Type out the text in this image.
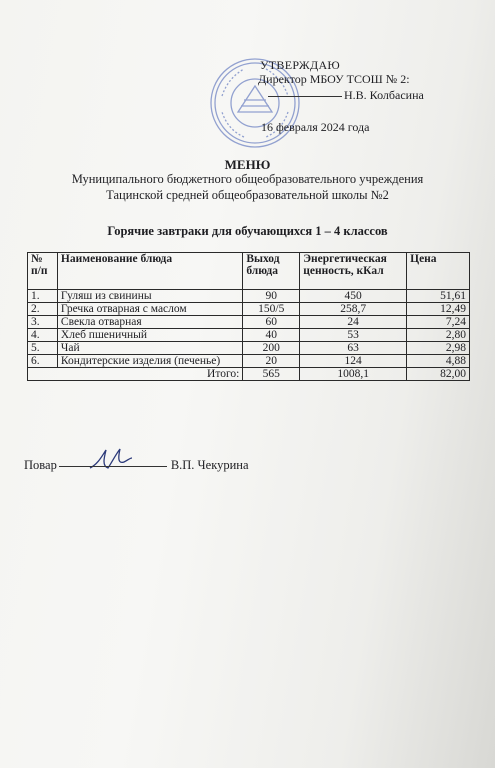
УТВЕРЖДАЮ
Директор МБОУ ТСОШ № 2:
Н.В. Колбасина
16 февраля 2024 года
МЕНЮ
Муниципального бюджетного общеобразовательного учреждения
Тацинской средней общеобразовательной школы №2
Горячие завтраки для обучающихся 1 – 4 классов
№ п/п	Наименование блюда	Выход блюда	Энергетическая ценность, кКал	Цена
1.	Гуляш из свинины	90	450	51,61
2.	Гречка отварная с маслом	150/5	258,7	12,49
3.	Свекла отварная	60	24	7,24
4.	Хлеб пшеничный	40	53	2,80
5.	Чай	200	63	2,98
6.	Кондитерские изделия (печенье)	20	124	4,88
Итого:		565	1008,1	82,00
Повар	В.П. Чекурина
